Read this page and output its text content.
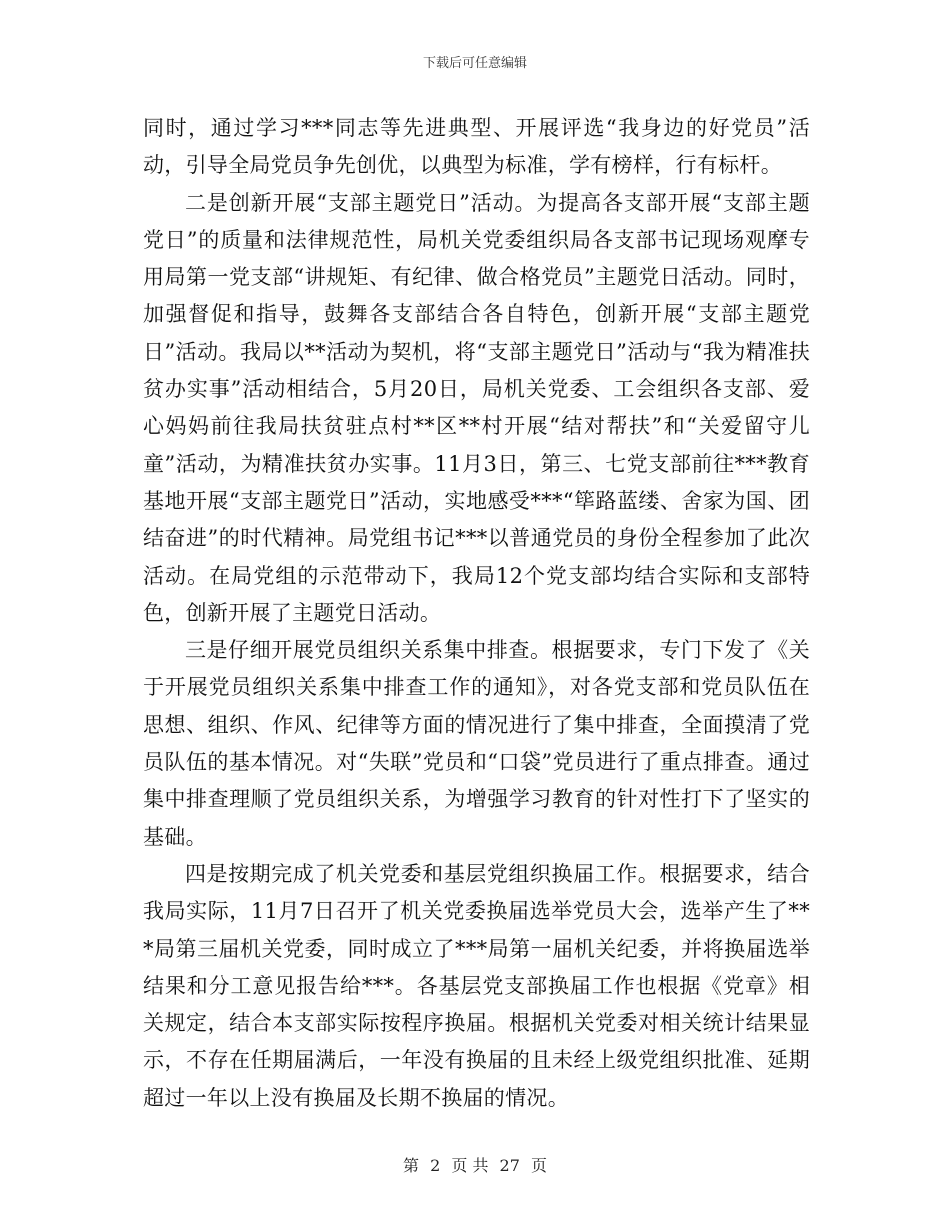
下载后可任意编辑

同时，通过学习***同志等先进典型、开展评选“我身边的好党员”活动，引导全局党员争先创优，以典型为标准，学有榜样，行有标杆。

二是创新开展“支部主题党日”活动。为提高各支部开展“支部主题党日”的质量和法律规范性，局机关党委组织局各支部书记现场观摩专用局第一党支部“讲规矩、有纪律、做合格党员”主题党日活动。同时，加强督促和指导，鼓舞各支部结合各自特色，创新开展“支部主题党日”活动。我局以**活动为契机，将“支部主题党日”活动与“我为精准扶贫办实事”活动相结合，5月20日，局机关党委、工会组织各支部、爱心妈妈前往我局扶贫驻点村**区**村开展“结对帮扶”和“关爱留守儿童”活动，为精准扶贫办实事。11月3日，第三、七党支部前往***教育基地开展“支部主题党日”活动，实地感受***“筚路蓝缕、舍家为国、团结奋进”的时代精神。局党组书记***以普通党员的身份全程参加了此次活动。在局党组的示范带动下，我局12个党支部均结合实际和支部特色，创新开展了主题党日活动。

三是仔细开展党员组织关系集中排查。根据要求，专门下发了《关于开展党员组织关系集中排查工作的通知》，对各党支部和党员队伍在思想、组织、作风、纪律等方面的情况进行了集中排查，全面摸清了党员队伍的基本情况。对“失联”党员和“口袋”党员进行了重点排查。通过集中排查理顺了党员组织关系，为增强学习教育的针对性打下了坚实的基础。

四是按期完成了机关党委和基层党组织换届工作。根据要求，结合我局实际，11月7日召开了机关党委换届选举党员大会，选举产生了***局第三届机关党委，同时成立了***局第一届机关纪委，并将换届选举结果和分工意见报告给***。各基层党支部换届工作也根据《党章》相关规定，结合本支部实际按程序换届。根据机关党委对相关统计结果显示，不存在任期届满后，一年没有换届的且未经上级党组织批准、延期超过一年以上没有换届及长期不换届的情况。

第 2 页 共 27 页
